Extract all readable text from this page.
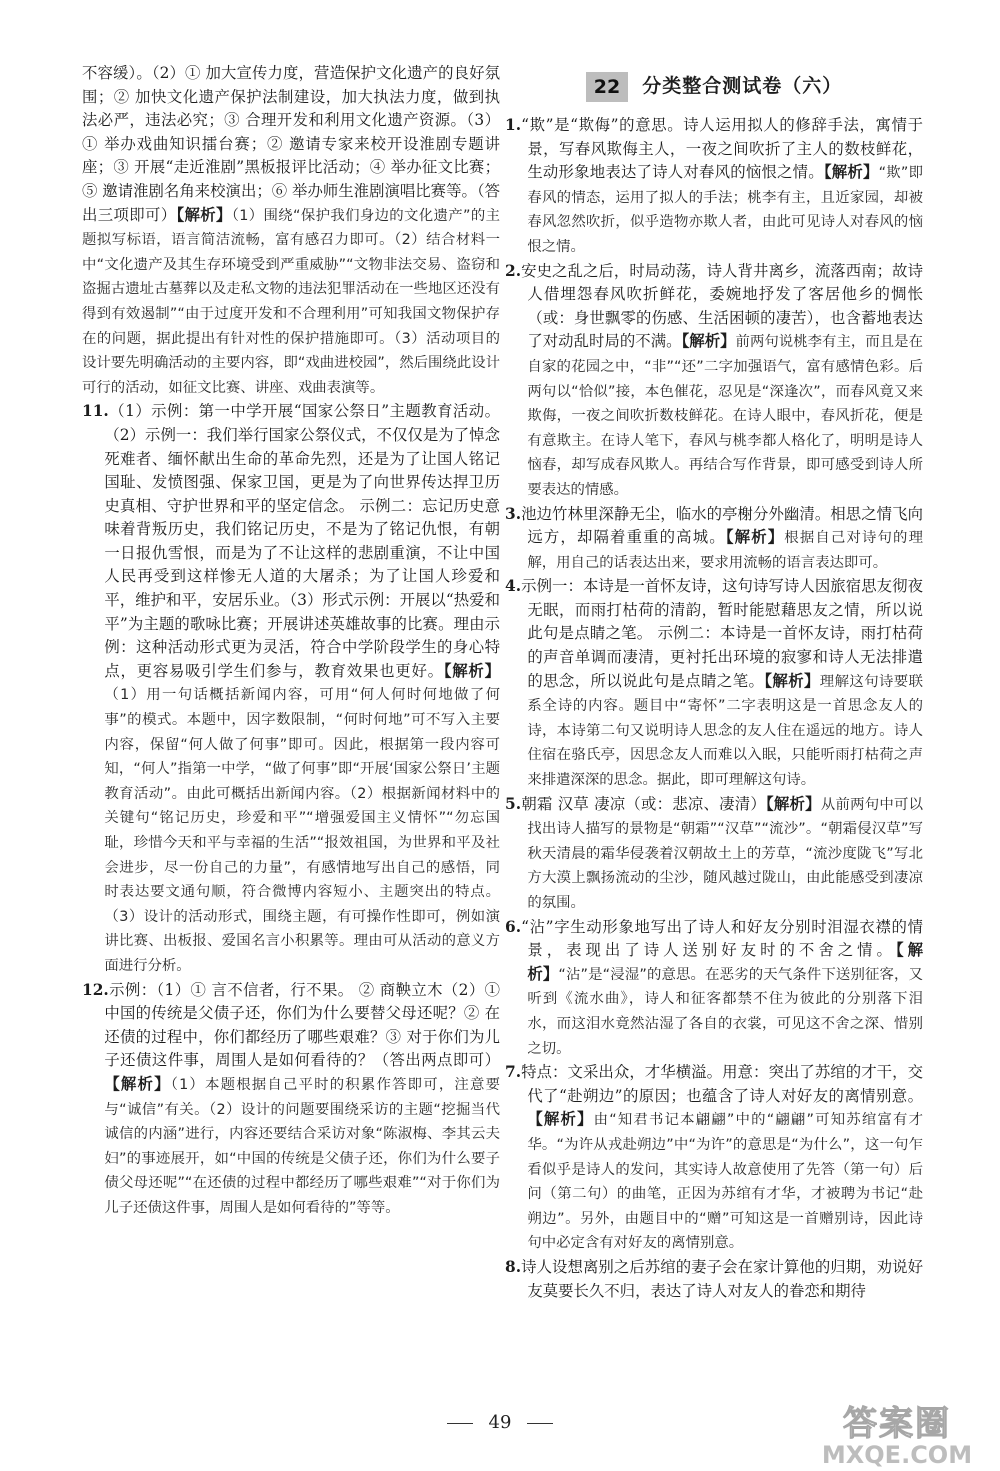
不容缓）。（2）① 加大宣传力度，营造保护文化遗产的良好氛围；② 加快文化遗产保护法制建设，加大执法力度，做到执法必严，违法必究；③ 合理开发和利用文化遗产资源。（3）① 举办戏曲知识擂台赛；② 邀请专家来校开设淮剧专题讲座；③ 开展“走近淮剧”黑板报评比活动；④ 举办征文比赛；⑤ 邀请淮剧名角来校演出；⑥ 举办师生淮剧演唱比赛等。（答出三项即可）【解析】（1）围绕“保护我们身边的文化遗产”的主题拟写标语，语言简洁流畅，富有感召力即可。（2）结合材料一中“文化遗产及其生存环境受到严重威胁”“文物非法交易、盗窃和盗掘古遗址古墓葬以及走私文物的违法犯罪活动在一些地区还没有得到有效遏制”“由于过度开发和不合理利用”可知我国文物保护存在的问题，据此提出有针对性的保护措施即可。（3）活动项目的设计要先明确活动的主要内容，即“戏曲进校园”，然后围绕此设计可行的活动，如征文比赛、讲座、戏曲表演等。

11.（1）示例：第一中学开展“国家公祭日”主题教育活动。（2）示例一：我们举行国家公祭仪式，不仅仅是为了悼念死难者、缅怀献出生命的革命先烈，还是为了让国人铭记国耻、发愤图强、保家卫国，更是为了向世界传达捍卫历史真相、守护世界和平的坚定信念。 示例二：忘记历史意味着背叛历史，我们铭记历史，不是为了铭记仇恨，有朝一日报仇雪恨，而是为了不让这样的悲剧重演，不让中国人民再受到这样惨无人道的大屠杀；为了让国人珍爱和平，维护和平，安居乐业。（3）形式示例：开展以“热爱和平”为主题的歌咏比赛；开展讲述英雄故事的比赛。理由示例：这种活动形式更为灵活，符合中学阶段学生的身心特点，更容易吸引学生们参与，教育效果也更好。【解析】（1）用一句话概括新闻内容，可用“何人何时何地做了何事”的模式。本题中，因字数限制，“何时何地”可不写入主要内容，保留“何人做了何事”即可。因此，根据第一段内容可知，“何人”指第一中学，“做了何事”即“开展‘国家公祭日’主题教育活动”。由此可概括出新闻内容。（2）根据新闻材料中的关键句“铭记历史，珍爱和平”“增强爱国主义情怀”“勿忘国耻，珍惜今天和平与幸福的生活”“报效祖国，为世界和平及社会进步，尽一份自己的力量”，有感情地写出自己的感悟，同时表达要文通句顺，符合微博内容短小、主题突出的特点。（3）设计的活动形式，围绕主题，有可操作性即可，例如演讲比赛、出板报、爱国名言小积累等。理由可从活动的意义方面进行分析。

12.示例：（1）① 言不信者，行不果。 ② 商鞅立木（2）① 中国的传统是父债子还，你们为什么要替父母还呢？② 在还债的过程中，你们都经历了哪些艰难？③ 对于你们为儿子还债这件事，周围人是如何看待的？（答出两点即可）【解析】（1）本题根据自己平时的积累作答即可，注意要与“诚信”有关。（2）设计的问题要围绕采访的主题“挖掘当代诚信的内涵”进行，内容还要结合采访对象“陈淑梅、李其云夫妇”的事迹展开，如“中国的传统是父债子还，你们为什么要子债父母还呢”“在还债的过程中都经历了哪些艰难”“对于你们为儿子还债这件事，周围人是如何看待的”等等。

22	分类整合测试卷（六）

1.“欺”是“欺侮”的意思。诗人运用拟人的修辞手法，寓情于景，写春风欺侮主人，一夜之间吹折了主人的数枝鲜花，生动形象地表达了诗人对春风的恼恨之情。【解析】“欺”即春风的情态，运用了拟人的手法；桃李有主，且近家园，却被春风忽然吹折，似乎造物亦欺人者，由此可见诗人对春风的恼恨之情。

2.安史之乱之后，时局动荡，诗人背井离乡，流落西南；故诗人借埋怨春风吹折鲜花，委婉地抒发了客居他乡的惆怅（或：身世飘零的伤感、生活困顿的凄苦），也含蓄地表达了对动乱时局的不满。【解析】前两句说桃李有主，而且是在自家的花园之中，“非”“还”二字加强语气，富有感情色彩。后两句以“恰似”接，本色催花，忍见是“深逢次”，而春风竟又来欺侮，一夜之间吹折数枝鲜花。在诗人眼中，春风折花，便是有意欺主。在诗人笔下，春风与桃李都人格化了，明明是诗人恼春，却写成春风欺人。再结合写作背景，即可感受到诗人所要表达的情感。

3.池边竹林里深静无尘，临水的亭榭分外幽清。相思之情飞向远方，却隔着重重的高城。【解析】根据自己对诗句的理解，用自己的话表达出来，要求用流畅的语言表达即可。

4.示例一：本诗是一首怀友诗，这句诗写诗人因旅宿思友彻夜无眠，而雨打枯荷的清韵，暂时能慰藉思友之情，所以说此句是点睛之笔。 示例二：本诗是一首怀友诗，雨打枯荷的声音单调而凄清，更衬托出环境的寂寥和诗人无法排遣的思念，所以说此句是点睛之笔。【解析】理解这句诗要联系全诗的内容。题目中“寄怀”二字表明这是一首思念友人的诗，本诗第二句又说明诗人思念的友人住在遥远的地方。诗人住宿在骆氏亭，因思念友人而难以入眠，只能听雨打枯荷之声来排遣深深的思念。据此，即可理解这句诗。

5.朝霜 汉草 凄凉（或：悲凉、凄清）【解析】从前两句中可以找出诗人描写的景物是“朝霜”“汉草”“流沙”。“朝霜侵汉草”写秋天清晨的霜华侵袭着汉朝故土上的芳草，“流沙度陇飞”写北方大漠上飘扬流动的尘沙，随风越过陇山，由此能感受到凄凉的氛围。

6.“沾”字生动形象地写出了诗人和好友分别时泪湿衣襟的情景，表现出了诗人送别好友时的不舍之情。【解析】“沾”是“浸湿”的意思。在恶劣的天气条件下送别征客，又听到《流水曲》，诗人和征客都禁不住为彼此的分别落下泪水，而这泪水竟然沾湿了各自的衣裳，可见这不舍之深、惜别之切。

7.特点：文采出众，才华横溢。用意：突出了苏绾的才干，交代了“赴朔边”的原因；也蕴含了诗人对好友的离情别意。【解析】由“知君书记本翩翩”中的“翩翩”可知苏绾富有才华。“为许从戎赴朔边”中“为许”的意思是“为什么”，这一句乍看似乎是诗人的发问，其实诗人故意使用了先答（第一句）后问（第二句）的曲笔，正因为苏绾有才华，才被聘为书记“赴朔边”。另外，由题目中的“赠”可知这是一首赠别诗，因此诗句中必定含有对好友的离情别意。

8.诗人设想离别之后苏绾的妻子会在家计算他的归期，劝说好友莫要长久不归，表达了诗人对友人的眷恋和期待

49	答案圈
MXQE.COM
